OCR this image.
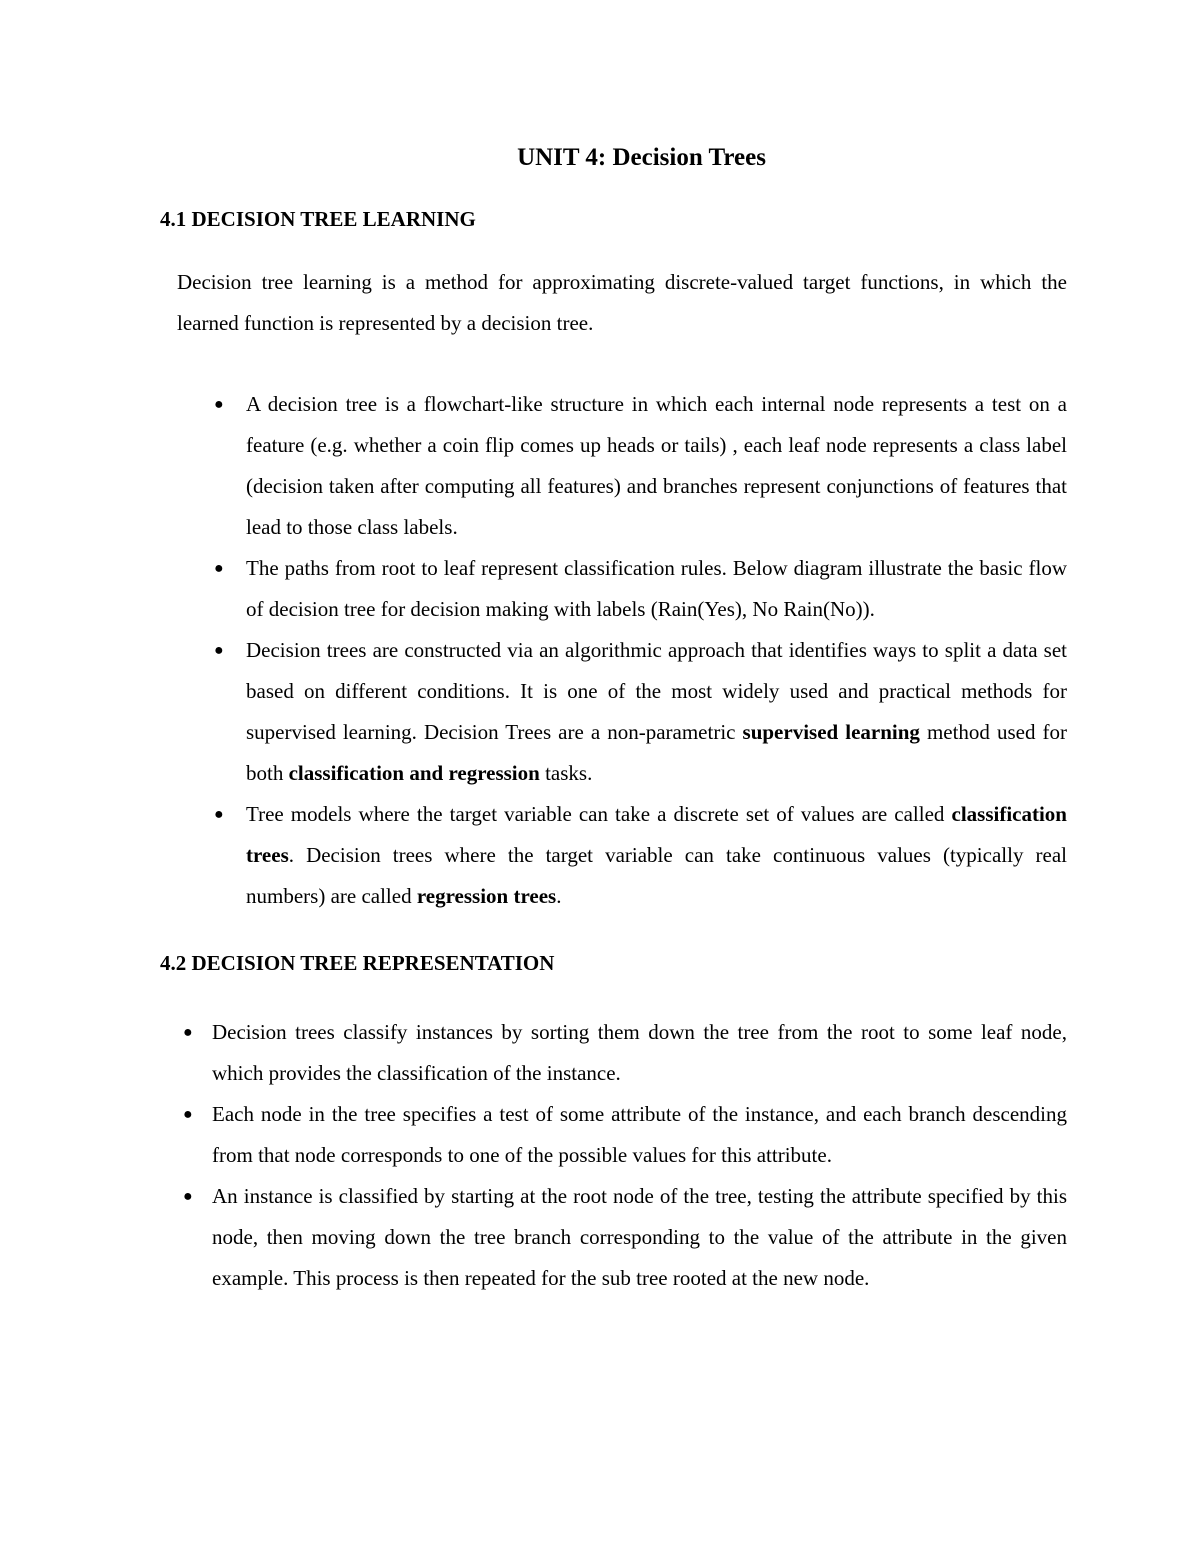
UNIT 4: Decision Trees
4.1 DECISION TREE LEARNING

Decision tree learning is a method for approximating discrete-valued target functions, in which the learned function is represented by a decision tree.

● A decision tree is a flowchart-like structure in which each internal node represents a test on a feature (e.g. whether a coin flip comes up heads or tails) , each leaf node represents a class label (decision taken after computing all features) and branches represent conjunctions of features that lead to those class labels.
● The paths from root to leaf represent classification rules. Below diagram illustrate the basic flow of decision tree for decision making with labels (Rain(Yes), No Rain(No)).
● Decision trees are constructed via an algorithmic approach that identifies ways to split a data set based on different conditions. It is one of the most widely used and practical methods for supervised learning. Decision Trees are a non-parametric supervised learning method used for both classification and regression tasks.
● Tree models where the target variable can take a discrete set of values are called classification trees. Decision trees where the target variable can take continuous values (typically real numbers) are called regression trees.
4.2 DECISION TREE REPRESENTATION
● Decision trees classify instances by sorting them down the tree from the root to some leaf node, which provides the classification of the instance.
● Each node in the tree specifies a test of some attribute of the instance, and each branch descending from that node corresponds to one of the possible values for this attribute.
● An instance is classified by starting at the root node of the tree, testing the attribute specified by this node, then moving down the tree branch corresponding to the value of the attribute in the given example. This process is then repeated for the sub tree rooted at the new node.
